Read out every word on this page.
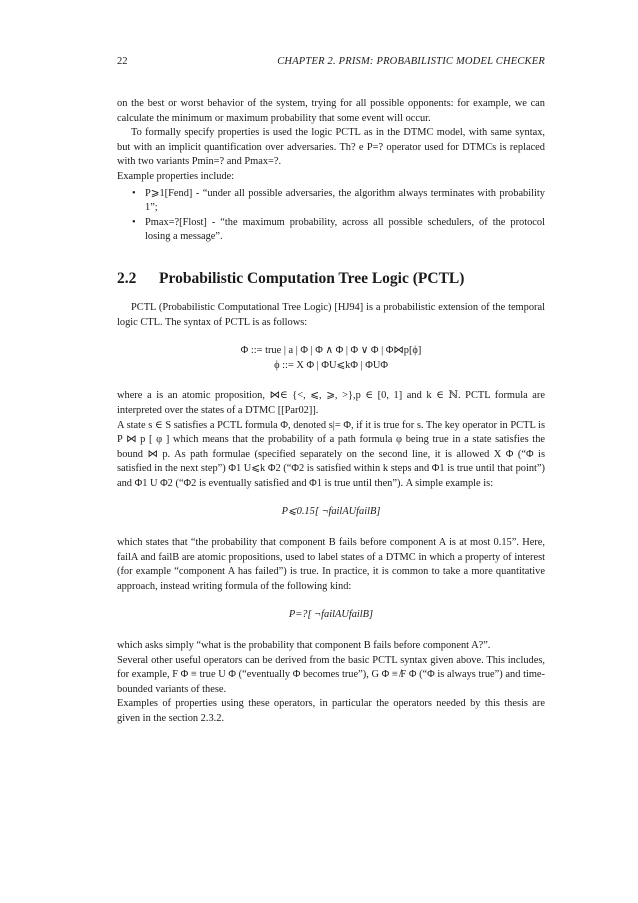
22	CHAPTER 2. PRISM: PROBABILISTIC MODEL CHECKER

on the best or worst behavior of the system, trying for all possible opponents: for example, we can calculate the minimum or maximum probability that some event will occur.

To formally specify properties is used the logic PCTL as in the DTMC model, with same syntax, but with an implicit quantification over adversaries. Th? e P=? operator used for DTMCs is replaced with two variants Pmin=? and Pmax=?.

Example properties include:

• P⩾1[Fend] - “under all possible adversaries, the algorithm always terminates with probability 1”;
• Pmax=?[Flost] - “the maximum probability, across all possible schedulers, of the protocol losing a message”.
2.2	Probabilistic Computation Tree Logic (PCTL)

PCTL (Probabilistic Computational Tree Logic) [HJ94] is a probabilistic extension of the temporal logic CTL. The syntax of PCTL is as follows:

Φ ::= true | a | Φ | Φ ∧ Φ | Φ ∨ Φ | Φ⋈p[ϕ]
ϕ ::= X Φ | ΦU⩽kΦ | ΦUΦ

where a is an atomic proposition, ⋈∈ {<, ⩽, ⩾, >},p ∈ [0, 1] and k ∈ ℕ. PCTL formula are interpreted over the states of a DTMC [[Par02]].

A state s ∈ S satisfies a PCTL formula Φ, denoted s|= Φ, if it is true for s. The key operator in PCTL is P ⋈ p [ φ ] which means that the probability of a path formula φ being true in a state satisfies the bound ⋈ p. As path formulae (specified separately on the second line, it is allowed X Φ (“Φ is satisfied in the next step”) Φ1 U⩽k Φ2 (“Φ2 is satisfied within k steps and Φ1 is true until that point”) and Φ1 U Φ2 (“Φ2 is eventually satisfied and Φ1 is true until then”). A simple example is:

P⩽0.15[ ¬failAUfailB]

which states that “the probability that component B fails before component A is at most 0.15”. Here, failA and failB are atomic propositions, used to label states of a DTMC in which a property of interest (for example “component A has failed”) is true. In practice, it is common to take a more quantitative approach, instead writing formula of the following kind:

P=?[ ¬failAUfailB]

which asks simply “what is the probability that component B fails before component A?”.

Several other useful operators can be derived from the basic PCTL syntax given above. This includes, for example, F Φ ≡ true U Φ (“eventually Φ becomes true”), G Φ ≡ ̸F Φ (“Φ is always true”) and time-bounded variants of these.

Examples of properties using these operators, in particular the operators needed by this thesis are given in the section 2.3.2.
